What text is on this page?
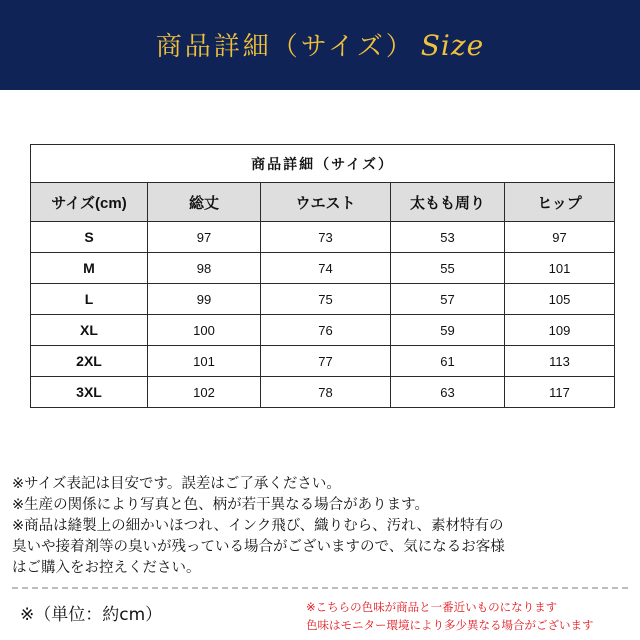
商品詳細（サイズ） Size
商品詳細（サイズ）				
サイズ(cm)	総丈	ウエスト	太もも周り	ヒップ
S	97	73	53	97
M	98	74	55	101
L	99	75	57	105
XL	100	76	59	109
2XL	101	77	61	113
3XL	102	78	63	117
※サイズ表記は目安です。誤差はご了承ください。
※生産の関係により写真と色、柄が若干異なる場合があります。
※商品は縫製上の細かいほつれ、インク飛び、織りむら、汚れ、素材特有の
臭いや接着剤等の臭いが残っている場合がございますので、気になるお客様
はご購入をお控えください。
※（単位：約cm）	※こちらの色味が商品と一番近いものになります
色味はモニター環境により多少異なる場合がございます
